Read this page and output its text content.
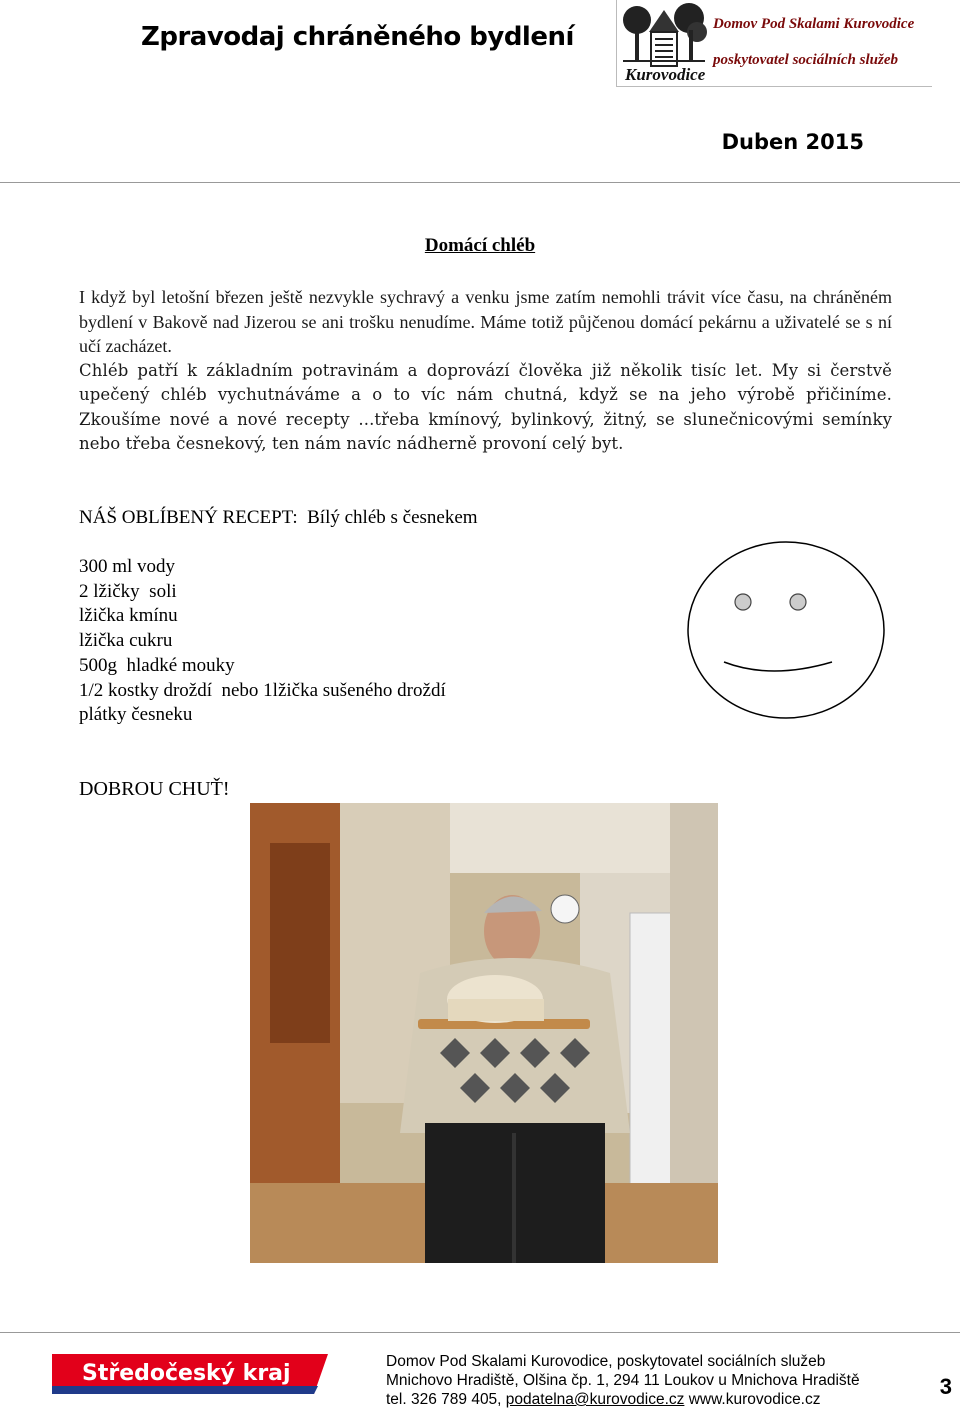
Zpravodaj chráněného bydlení
Kurovodice
Domov Pod Skalami Kurovodice
poskytovatel sociálních služeb
Duben 2015
Domácí chléb

I když byl letošní březen ještě nezvykle sychravý a venku jsme zatím nemohli trávit více času, na chráněném bydlení v Bakově nad Jizerou se ani trošku nenudíme. Máme totiž půjčenou domácí pekárnu a uživatelé se s ní učí zacházet.

Chléb patří k základním potravinám a doprovází člověka již několik tisíc let. My si čerstvě upečený chléb vychutnáváme a o to víc nám chutná, když se na jeho výrobě přičiníme. Zkoušíme nové a nové recepty ...třeba kmínový, bylinkový, žitný, se slunečnicovými semínky nebo třeba česnekový, ten nám navíc nádherně provoní celý byt.

NÁŠ OBLÍBENÝ RECEPT:  Bílý chléb s česnekem
300 ml vody
2 lžičky  soli
lžička kmínu
lžička cukru
500g  hladké mouky
1/2 kostky droždí  nebo 1lžička sušeného droždí
plátky česneku
DOBROU CHUŤ!
Středočeský kraj	Domov Pod Skalami Kurovodice, poskytovatel sociálních služeb
Mnichovo Hradiště, Olšina čp. 1, 294 11 Loukov u Mnichova Hradiště
tel. 326 789 405, podatelna@kurovodice.cz www.kurovodice.cz
3
